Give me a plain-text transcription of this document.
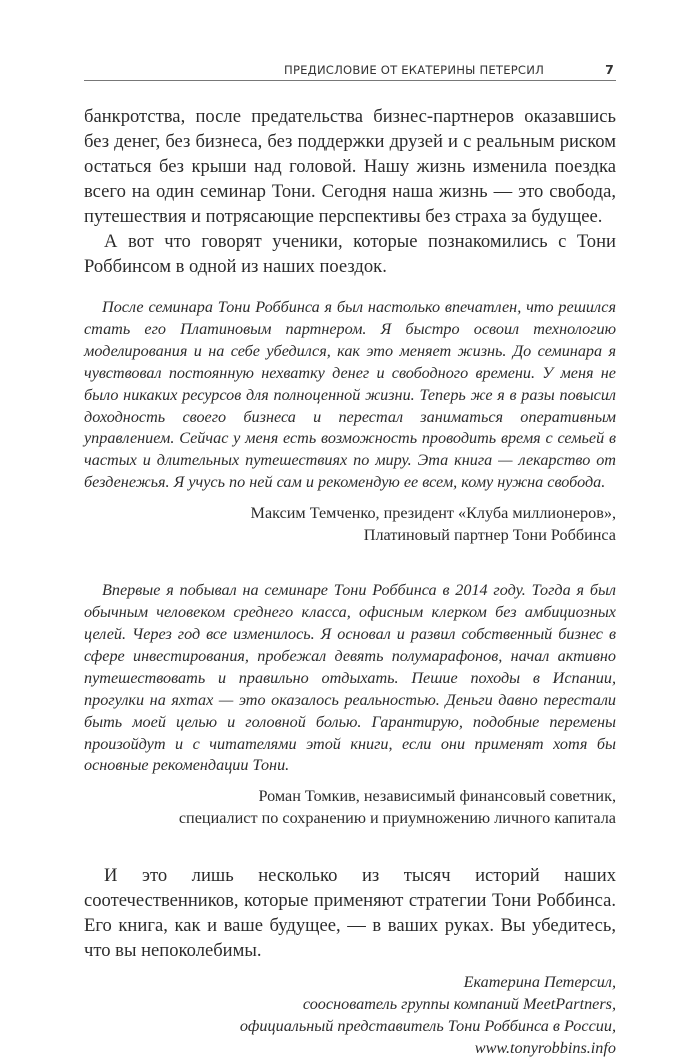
ПРЕДИСЛОВИЕ ОТ ЕКАТЕРИНЫ ПЕТЕРСИЛ	7

банкротства, после предательства бизнес-партнеров оказавшись без денег, без бизнеса, без поддержки друзей и с реальным риском остаться без крыши над головой. Нашу жизнь изменила поездка всего на один семинар Тони. Сегодня наша жизнь — это свобода, путешествия и потрясающие перспективы без страха за будущее.

А вот что говорят ученики, которые познакомились с Тони Роббинсом в одной из наших поездок.

После семинара Тони Роббинса я был настолько впечатлен, что решился стать его Платиновым партнером. Я быстро освоил технологию моделирования и на себе убедился, как это меняет жизнь. До семинара я чувствовал постоянную нехватку денег и свободного времени. У меня не было никаких ресурсов для полноценной жизни. Теперь же я в разы повысил доходность своего бизнеса и перестал заниматься оперативным управлением. Сейчас у меня есть возможность проводить время с семьей в частых и длительных путешествиях по миру. Эта книга — лекарство от безденежья. Я учусь по ней сам и рекомендую ее всем, кому нужна свобода.

Максим Темченко, президент «Клуба миллионеров»,
Платиновый партнер Тони Роббинса

Впервые я побывал на семинаре Тони Роббинса в 2014 году. Тогда я был обычным человеком среднего класса, офисным клерком без амбициозных целей. Через год все изменилось. Я основал и развил собственный бизнес в сфере инвестирования, пробежал девять полумарафонов, начал активно путешествовать и правильно отдыхать. Пешие походы в Испании, прогулки на яхтах — это оказалось реальностью. Деньги давно перестали быть моей целью и головной болью. Гарантирую, подобные перемены произойдут и с читателями этой книги, если они применят хотя бы основные рекомендации Тони.

Роман Томкив, независимый финансовый советник,
специалист по сохранению и приумножению личного капитала

И это лишь несколько из тысяч историй наших соотечественников, которые применяют стратегии Тони Роббинса. Его книга, как и ваше будущее, — в ваших руках. Вы убедитесь, что вы непоколебимы.

Екатерина Петерсил,
сооснователь группы компаний MeetPartners,
официальный представитель Тони Роббинса в России,
www.tonyrobbins.info
